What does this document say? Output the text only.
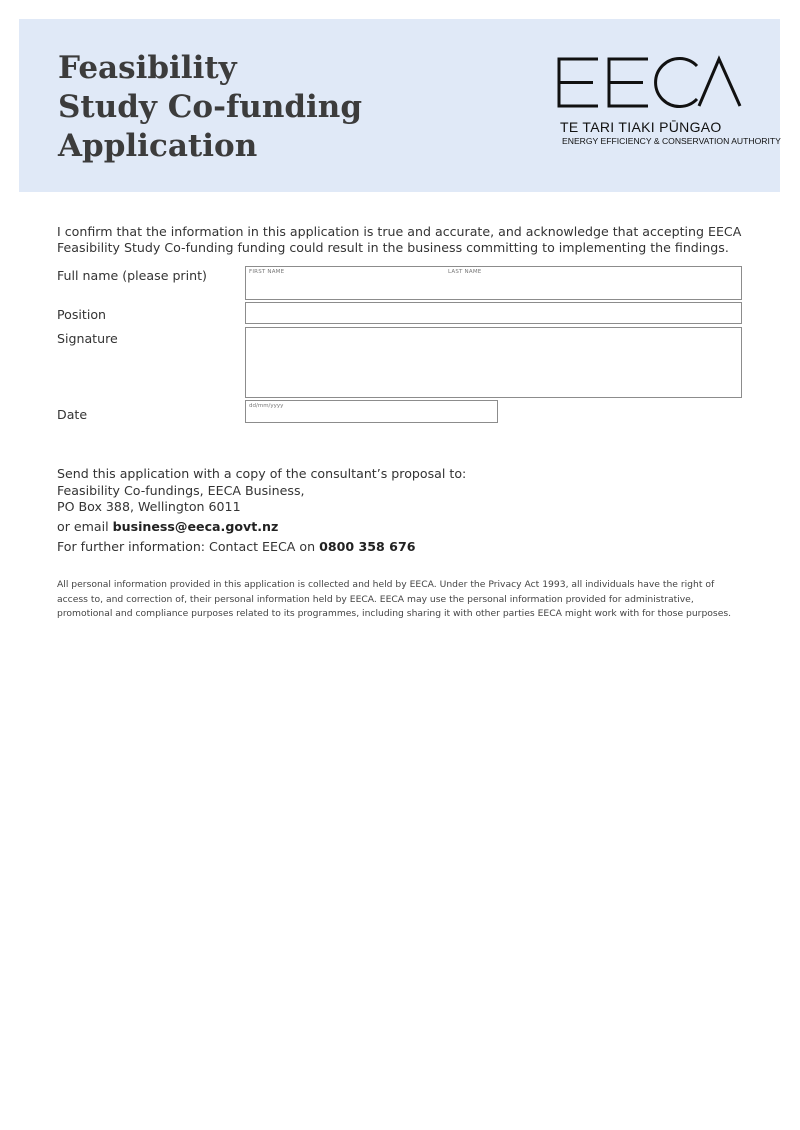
Feasibility
Study Co-funding
Application
EECA

TE TARI TIAKI PŪNGAO

ENERGY EFFICIENCY & CONSERVATION AUTHORITY

I confirm that the information in this application is true and accurate, and acknowledge that accepting EECA Feasibility Study Co-funding funding could result in the business committing to implementing the findings.

Full name (please print)	FIRST NAME	LAST NAME

Position

Signature

Date

dd/mm/yyyy

Send this application with a copy of the consultant’s proposal to:
Feasibility Co-fundings, EECA Business,
PO Box 388, Wellington 6011

or email business@eeca.govt.nz

For further information: Contact EECA on 0800 358 676

All personal information provided in this application is collected and held by EECA. Under the Privacy Act 1993, all individuals have the right of access to, and correction of, their personal information held by EECA. EECA may use the personal information provided for administrative, promotional and compliance purposes related to its programmes, including sharing it with other parties EECA might work with for those purposes.
